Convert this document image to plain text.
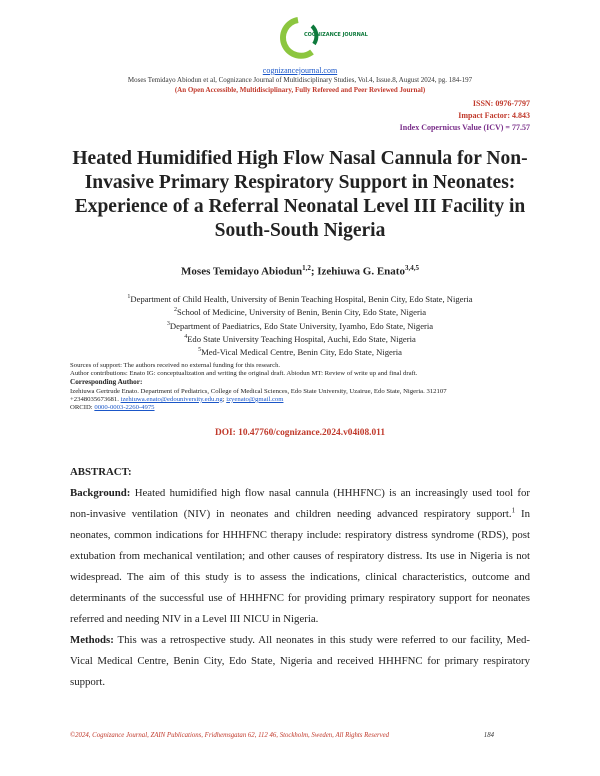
COGNIZANCE JOURNAL
cognizancejournal.com
Moses Temidayo Abiodun et al, Cognizance Journal of Multidisciplinary Studies, Vol.4, Issue.8, August 2024, pg. 184-197
(An Open Accessible, Multidisciplinary, Fully Refereed and Peer Reviewed Journal)
ISSN: 0976-7797
Impact Factor: 4.843
Index Copernicus Value (ICV) = 77.57
Heated Humidified High Flow Nasal Cannula for Non-Invasive Primary Respiratory Support in Neonates: Experience of a Referral Neonatal Level III Facility in South-South Nigeria
Moses Temidayo Abiodun$^{1,2}$; Izehiuwa G. Enato$^{3,4,5}$
$^1$Department of Child Health, University of Benin Teaching Hospital, Benin City, Edo State, Nigeria
$^2$School of Medicine, University of Benin, Benin City, Edo State, Nigeria
$^3$Department of Paediatrics, Edo State University, Iyamho, Edo State, Nigeria
$^4$Edo State University Teaching Hospital, Auchi, Edo State, Nigeria
$^5$Med-Vical Medical Centre, Benin City, Edo State, Nigeria
Sources of support: The authors received no external funding for this research.
Author contributions: Enato IG: conceptualization and writing the original draft. Abiodun MT: Review of write up and final draft.
Corresponding Author:
Izehiuwa Gertrude Enato. Department of Pediatrics, College of Medical Sciences, Edo State University, Uzairue, Edo State, Nigeria. 312107
+2348035673681. izehiuwa.enato@edouniversity.edu.ng; izyenato@gmail.com
ORCID: 0000-0003-2260-4975
DOI: 10.47760/cognizance.2024.v04i08.011

ABSTRACT:

Background: Heated humidified high flow nasal cannula (HHHFNC) is an increasingly used tool for non-invasive ventilation (NIV) in neonates and children needing advanced respiratory support.$^1$ In neonates, common indications for HHHFNC therapy include: respiratory distress syndrome (RDS), post extubation from mechanical ventilation; and other causes of respiratory distress. Its use in Nigeria is not widespread. The aim of this study is to assess the indications, clinical characteristics, outcome and determinants of the successful use of HHHFNC for providing primary respiratory support for neonates referred and needing NIV in a Level III NICU in Nigeria.

Methods: This was a retrospective study. All neonates in this study were referred to our facility, Med-Vical Medical Centre, Benin City, Edo State, Nigeria and received HHHFNC for primary respiratory support.

©2024, Cognizance Journal, ZAIN Publications, Fridhemsgatan 62, 112 46, Stockholm, Sweden, All Rights Reserved	184
